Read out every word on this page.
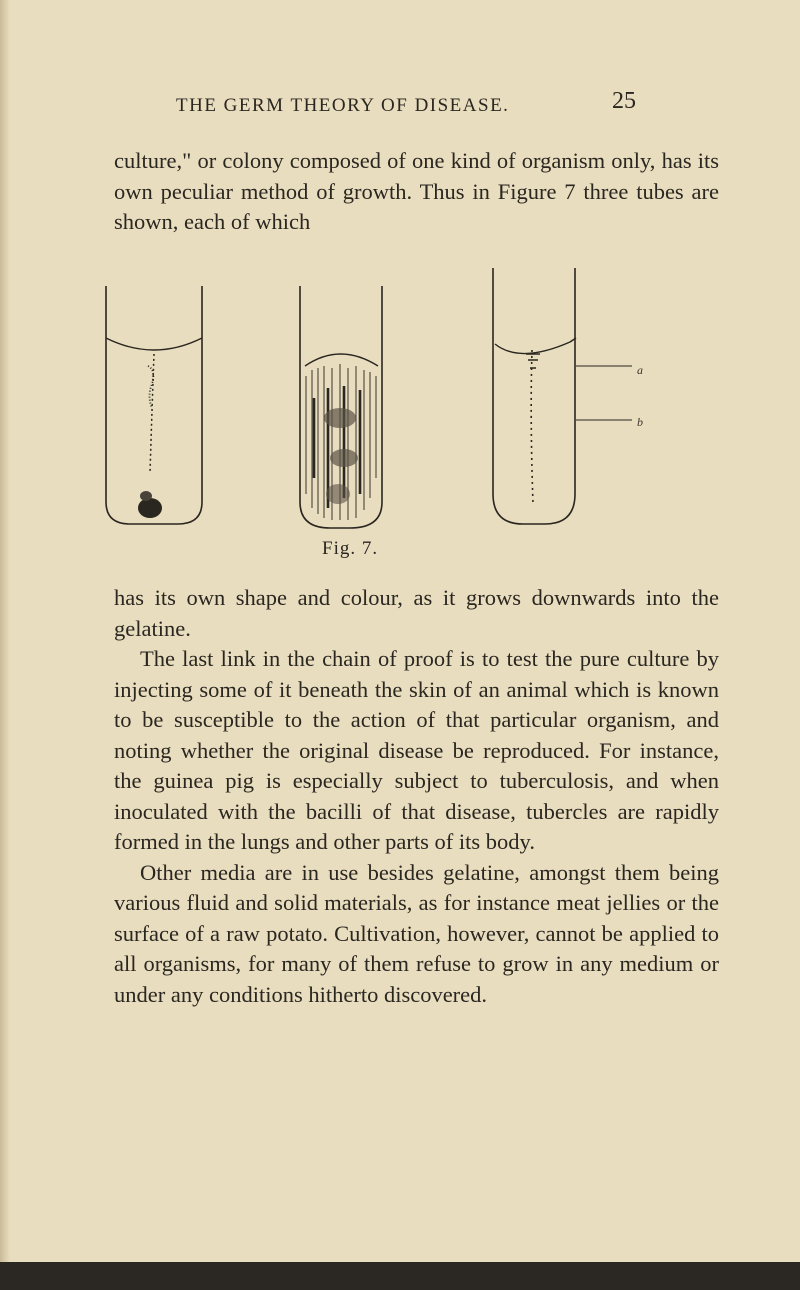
THE GERM THEORY OF DISEASE.	25

culture," or colony composed of one kind of organism only, has its own peculiar method of growth. Thus in Figure 7 three tubes are shown, each of which

a
b
Fig. 7.

has its own shape and colour, as it grows downwards into the gelatine.

The last link in the chain of proof is to test the pure culture by injecting some of it beneath the skin of an animal which is known to be susceptible to the action of that particular organism, and noting whether the original disease be reproduced. For instance, the guinea pig is especially subject to tuberculosis, and when inoculated with the bacilli of that disease, tubercles are rapidly formed in the lungs and other parts of its body.

Other media are in use besides gelatine, amongst them being various fluid and solid materials, as for instance meat jellies or the surface of a raw potato. Cultivation, however, cannot be applied to all organisms, for many of them refuse to grow in any medium or under any conditions hitherto discovered.
